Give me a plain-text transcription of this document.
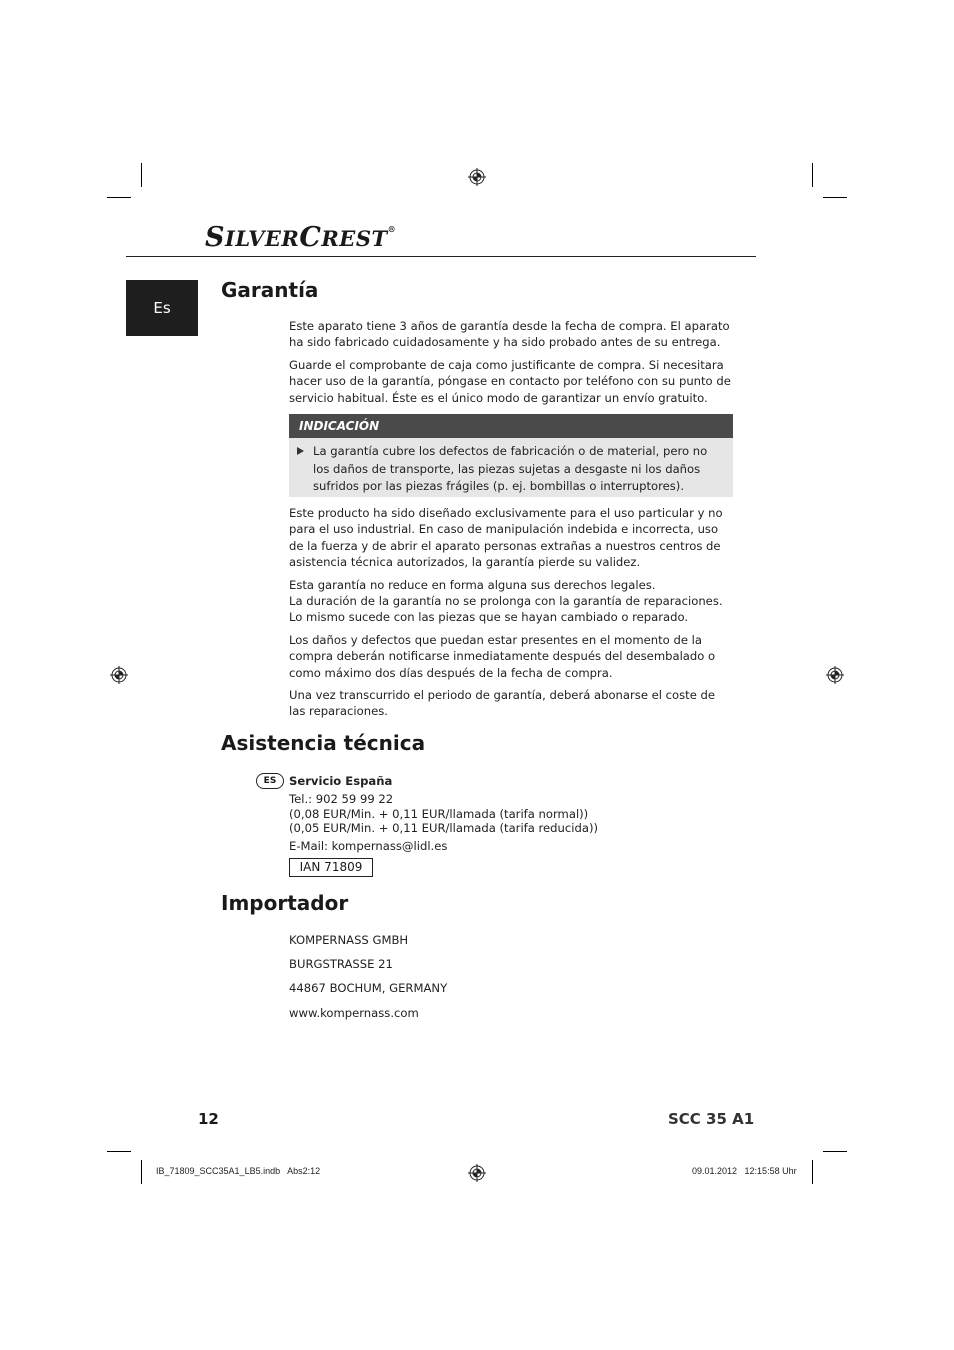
SILVERCREST®
Es
Garantía

Este aparato tiene 3 años de garantía desde la fecha de compra. El aparato ha sido fabricado cuidadosamente y ha sido probado antes de su entrega.

Guarde el comprobante de caja como justificante de compra. Si necesitara hacer uso de la garantía, póngase en contacto por teléfono con su punto de servicio habitual. Éste es el único modo de garantizar un envío gratuito.

INDICACIÓN
La garantía cubre los defectos de fabricación o de material, pero no los daños de transporte, las piezas sujetas a desgaste ni los daños sufridos por las piezas frágiles (p. ej. bombillas o interruptores).

Este producto ha sido diseñado exclusivamente para el uso particular y no para el uso industrial. En caso de manipulación indebida e incorrecta, uso de la fuerza y de abrir el aparato personas extrañas a nuestros centros de asistencia técnica autorizados, la garantía pierde su validez.

Esta garantía no reduce en forma alguna sus derechos legales.

La duración de la garantía no se prolonga con la garantía de reparaciones. Lo mismo sucede con las piezas que se hayan cambiado o reparado.

Los daños y defectos que puedan estar presentes en el momento de la compra deberán notificarse inmediatamente después del desembalado o como máximo dos días después de la fecha de compra.

Una vez transcurrido el periodo de garantía, deberá abonarse el coste de las reparaciones.

Asistencia técnica
ES	Servicio España
Tel.: 902 59 99 22
(0,08 EUR/Min. + 0,11 EUR/llamada (tarifa normal))
(0,05 EUR/Min. + 0,11 EUR/llamada (tarifa reducida))
E-Mail: kompernass@lidl.es
IAN 71809
Importador
KOMPERNASS GMBH
BURGSTRASSE 21
44867 BOCHUM, GERMANY
www.kompernass.com
12	SCC 35 A1
IB_71809_SCC35A1_LB5.indb   Abs2:12	09.01.2012   12:15:58 Uhr
